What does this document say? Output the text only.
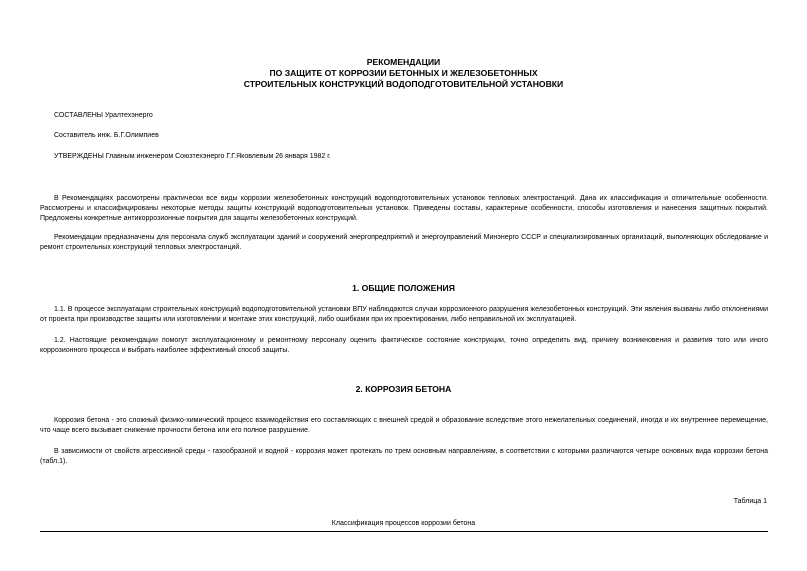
РЕКОМЕНДАЦИИ
ПО ЗАЩИТЕ ОТ КОРРОЗИИ БЕТОННЫХ И ЖЕЛЕЗОБЕТОННЫХ
СТРОИТЕЛЬНЫХ КОНСТРУКЦИЙ ВОДОПОДГОТОВИТЕЛЬНОЙ УСТАНОВКИ
СОСТАВЛЕНЫ Уралтехэнерго
Составитель инж. Б.Г.Олимпиев
УТВЕРЖДЕНЫ Главным инженером Союзтехэнерго Г.Г.Яковлевым 26 января 1982 г.
В Рекомендациях рассмотрены практически все виды коррозии железобетонных конструкций водоподготовительных установок тепловых электростанций. Дана их классификация и отличительные особенности. Рассмотрены и классифицированы некоторые методы защиты конструкций водоподготовительных установок. Приведены составы, характерные особенности, способы изготовления и нанесения защитных покрытий. Предложены конкретные антикоррозионные покрытия для защиты железобетонных конструкций.
Рекомендации предназначены для персонала служб эксплуатации зданий и сооружений энергопредприятий и энергоуправлений Минэнерго СССР и специализированных организаций, выполняющих обследование и ремонт строительных конструкций тепловых электростанций.
1. ОБЩИЕ ПОЛОЖЕНИЯ
1.1. В процессе эксплуатации строительных конструкций водоподготовительной установки ВПУ наблюдаются случаи коррозионного разрушения железобетонных конструкций. Эти явления вызваны либо отклонениями от проекта при производстве защиты или изготовлении и монтаже этих конструкций, либо ошибками при их проектировании, либо неправильной их эксплуатацией.
1.2. Настоящие рекомендации помогут эксплуатационному и ремонтному персоналу оценить фактическое состояние конструкции, точно определить вид, причину возникновения и развития того или иного коррозионного процесса и выбрать наиболее эффективный способ защиты.
2. КОРРОЗИЯ БЕТОНА
Коррозия бетона - это сложный физико-химический процесс взаимодействия его составляющих с внешней средой и образование вследствие этого нежелательных соединений, иногда и их внутреннее перемещение, что чаще всего вызывает снижение прочности бетона или его полное разрушение.
В зависимости от свойств агрессивной среды - газообразной и водной - коррозия может протекать по трем основным направлениям, в соответствии с которыми различаются четыре основных вида коррозии бетона (табл.1).
Таблица 1
Классификация процессов коррозии бетона
